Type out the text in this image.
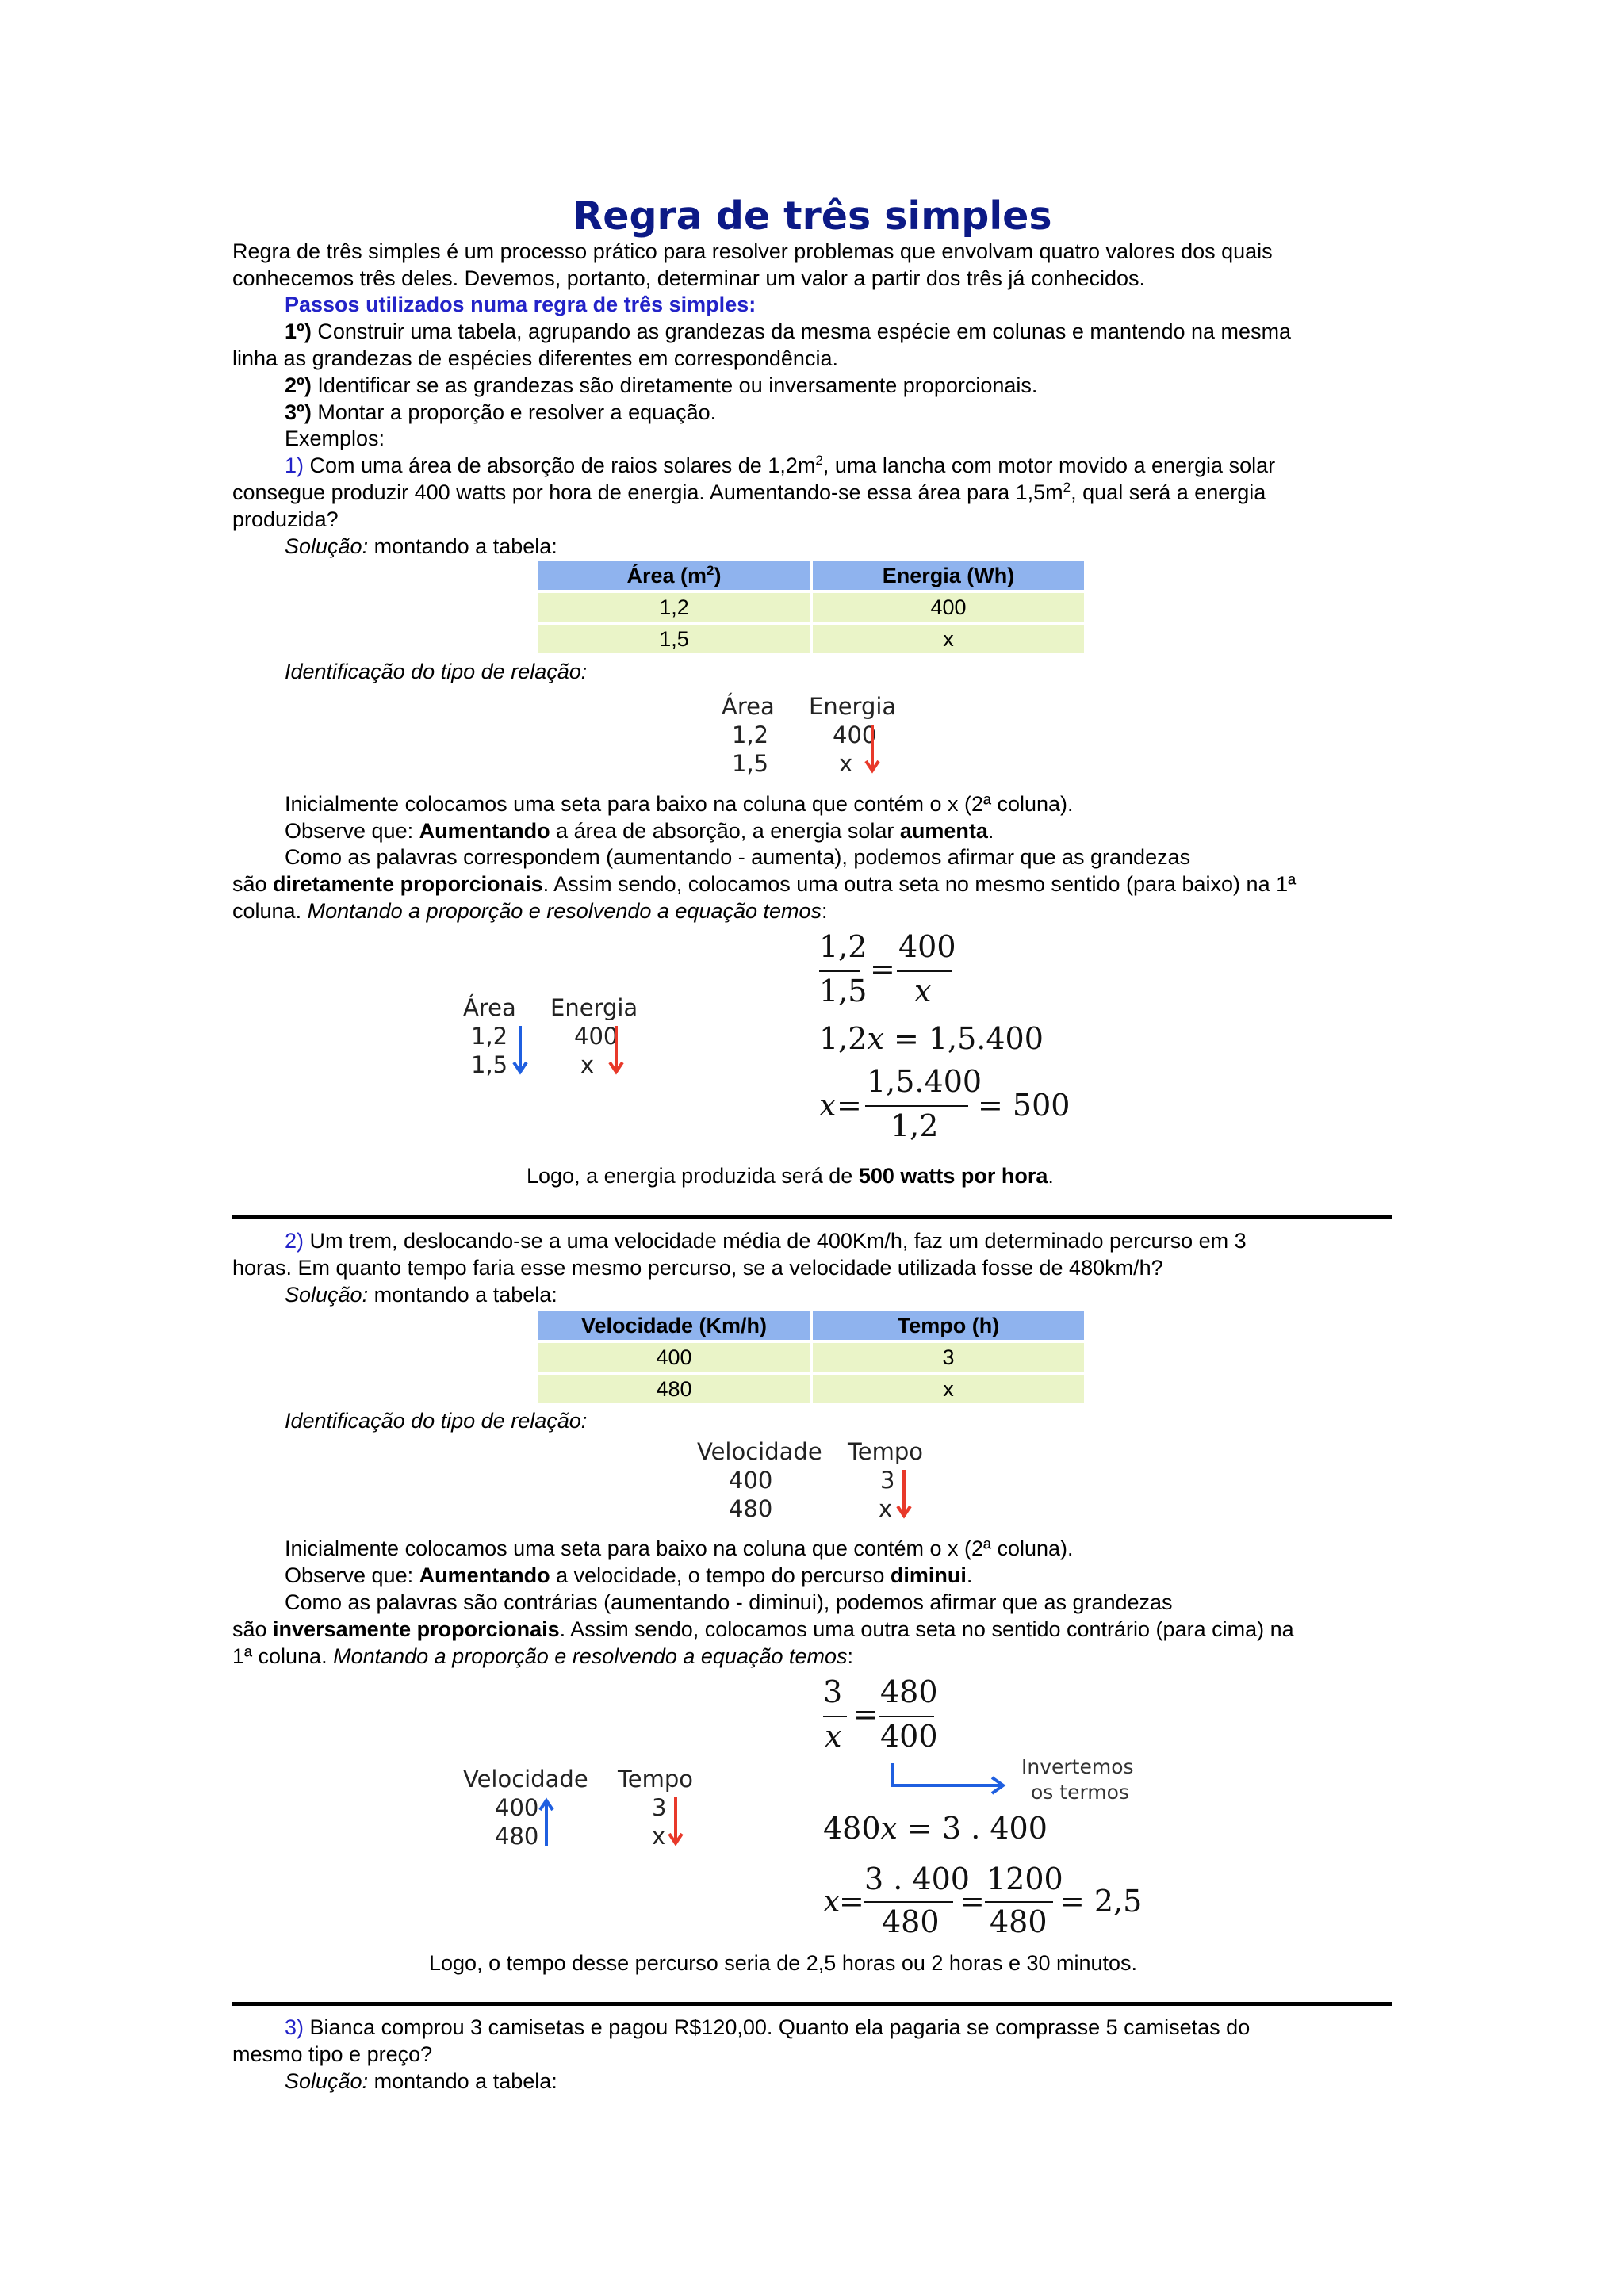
Regra de três simples
Regra de três simples é um processo prático para resolver problemas que envolvam quatro valores dos quais
conhecemos três deles. Devemos, portanto, determinar um valor a partir dos três já conhecidos.
Passos utilizados numa regra de três simples:
1º) Construir uma tabela, agrupando as grandezas da mesma espécie em colunas e mantendo na mesma
linha as grandezas de espécies diferentes em correspondência.
2º) Identificar se as grandezas são diretamente ou inversamente proporcionais.
3º) Montar a proporção e resolver a equação.
Exemplos:
1) Com uma área de absorção de raios solares de $1,2m^2$, uma lancha com motor movido a energia solar
consegue produzir 400 watts por hora de energia. Aumentando-se essa área para $1,5m^2$, qual será a energia
produzida?
Solução: montando a tabela:
Área $(m^2)$	Energia (Wh)
1,2	400
1,5	x
Identificação do tipo de relação:
Área Energia
1,2	400
1,5	x
Inicialmente colocamos uma seta para baixo na coluna que contém o x (2ª coluna).
Observe que: Aumentando a área de absorção, a energia solar aumenta.
Como as palavras correspondem (aumentando - aumenta), podemos afirmar que as grandezas
são diretamente proporcionais. Assim sendo, colocamos uma outra seta no mesmo sentido (para baixo) na 1ª
coluna. Montando a proporção e resolvendo a equação temos:
Área Energia
1,2	400
1,5	x
1,2
1,5
=
400
x
1,2x = 1,5.400
x =
1,5.400
1,2
= 500
Logo, a energia produzida será de 500 watts por hora.
2) Um trem, deslocando-se a uma velocidade média de 400Km/h, faz um determinado percurso em 3
horas. Em quanto tempo faria esse mesmo percurso, se a velocidade utilizada fosse de 480km/h?
Solução: montando a tabela:
Velocidade (Km/h)	Tempo (h)
400	3
480	x
Identificação do tipo de relação:
Velocidade Tempo
400	3
480	x
Inicialmente colocamos uma seta para baixo na coluna que contém o x (2ª coluna).
Observe que: Aumentando a velocidade, o tempo do percurso diminui.
Como as palavras são contrárias (aumentando - diminui), podemos afirmar que as grandezas
são inversamente proporcionais. Assim sendo, colocamos uma outra seta no sentido contrário (para cima) na
1ª coluna. Montando a proporção e resolvendo a equação temos:
Velocidade Tempo
400	3
480	x
3
x
=
480
400
Invertemos
os termos
480x = 3 . 400
x
=
3 . 400
480
=
1200
480
= 2,5
Logo, o tempo desse percurso seria de 2,5 horas ou 2 horas e 30 minutos.
3) Bianca comprou 3 camisetas e pagou R$120,00. Quanto ela pagaria se comprasse 5 camisetas do
mesmo tipo e preço?
Solução: montando a tabela:
